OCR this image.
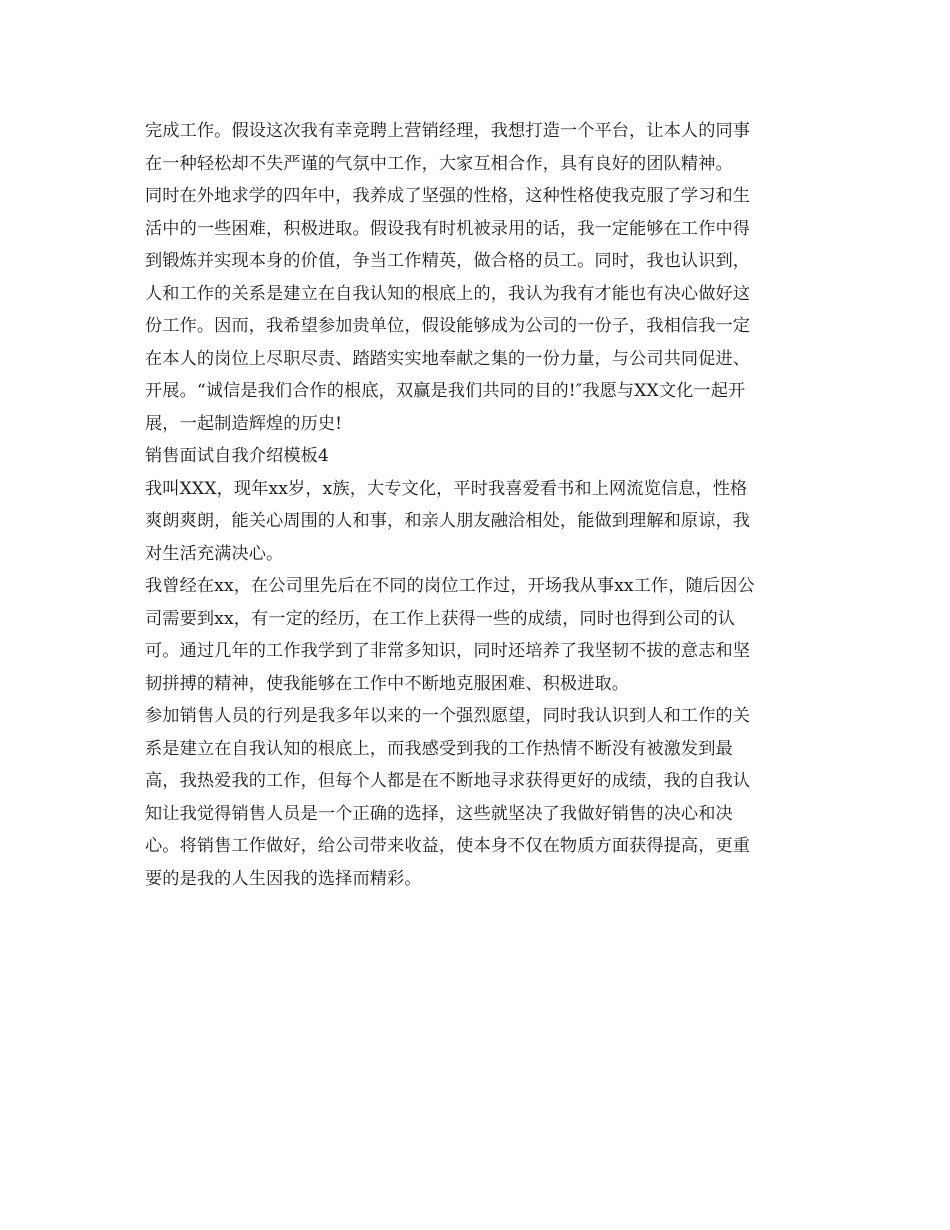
完成工作。假设这次我有幸竞聘上营销经理，我想打造一个平台，让本人的同事
在一种轻松却不失严谨的气氛中工作，大家互相合作，具有良好的团队精神。
同时在外地求学的四年中，我养成了坚强的性格，这种性格使我克服了学习和生
活中的一些困难，积极进取。假设我有时机被录用的话，我一定能够在工作中得
到锻炼并实现本身的价值，争当工作精英，做合格的员工。同时，我也认识到，
人和工作的关系是建立在自我认知的根底上的，我认为我有才能也有决心做好这
份工作。因而，我希望参加贵单位，假设能够成为公司的一份子，我相信我一定
在本人的岗位上尽职尽责、踏踏实实地奉献之集的一份力量，与公司共同促进、
开展。“诚信是我们合作的根底，双赢是我们共同的目的!″我愿与XX文化一起开
展，一起制造辉煌的历史!
销售面试自我介绍模板4
我叫XXX，现年xx岁，x族，大专文化，平时我喜爱看书和上网流览信息，性格
爽朗爽朗，能关心周围的人和事，和亲人朋友融洽相处，能做到理解和原谅，我
对生活充满决心。
我曾经在xx，在公司里先后在不同的岗位工作过，开场我从事xx工作，随后因公
司需要到xx，有一定的经历，在工作上获得一些的成绩，同时也得到公司的认
可。通过几年的工作我学到了非常多知识，同时还培养了我坚韧不拔的意志和坚
韧拼搏的精神，使我能够在工作中不断地克服困难、积极进取。
参加销售人员的行列是我多年以来的一个强烈愿望，同时我认识到人和工作的关
系是建立在自我认知的根底上，而我感受到我的工作热情不断没有被激发到最
高，我热爱我的工作，但每个人都是在不断地寻求获得更好的成绩，我的自我认
知让我觉得销售人员是一个正确的选择，这些就坚决了我做好销售的决心和决
心。将销售工作做好，给公司带来收益，使本身不仅在物质方面获得提高，更重
要的是我的人生因我的选择而精彩。
